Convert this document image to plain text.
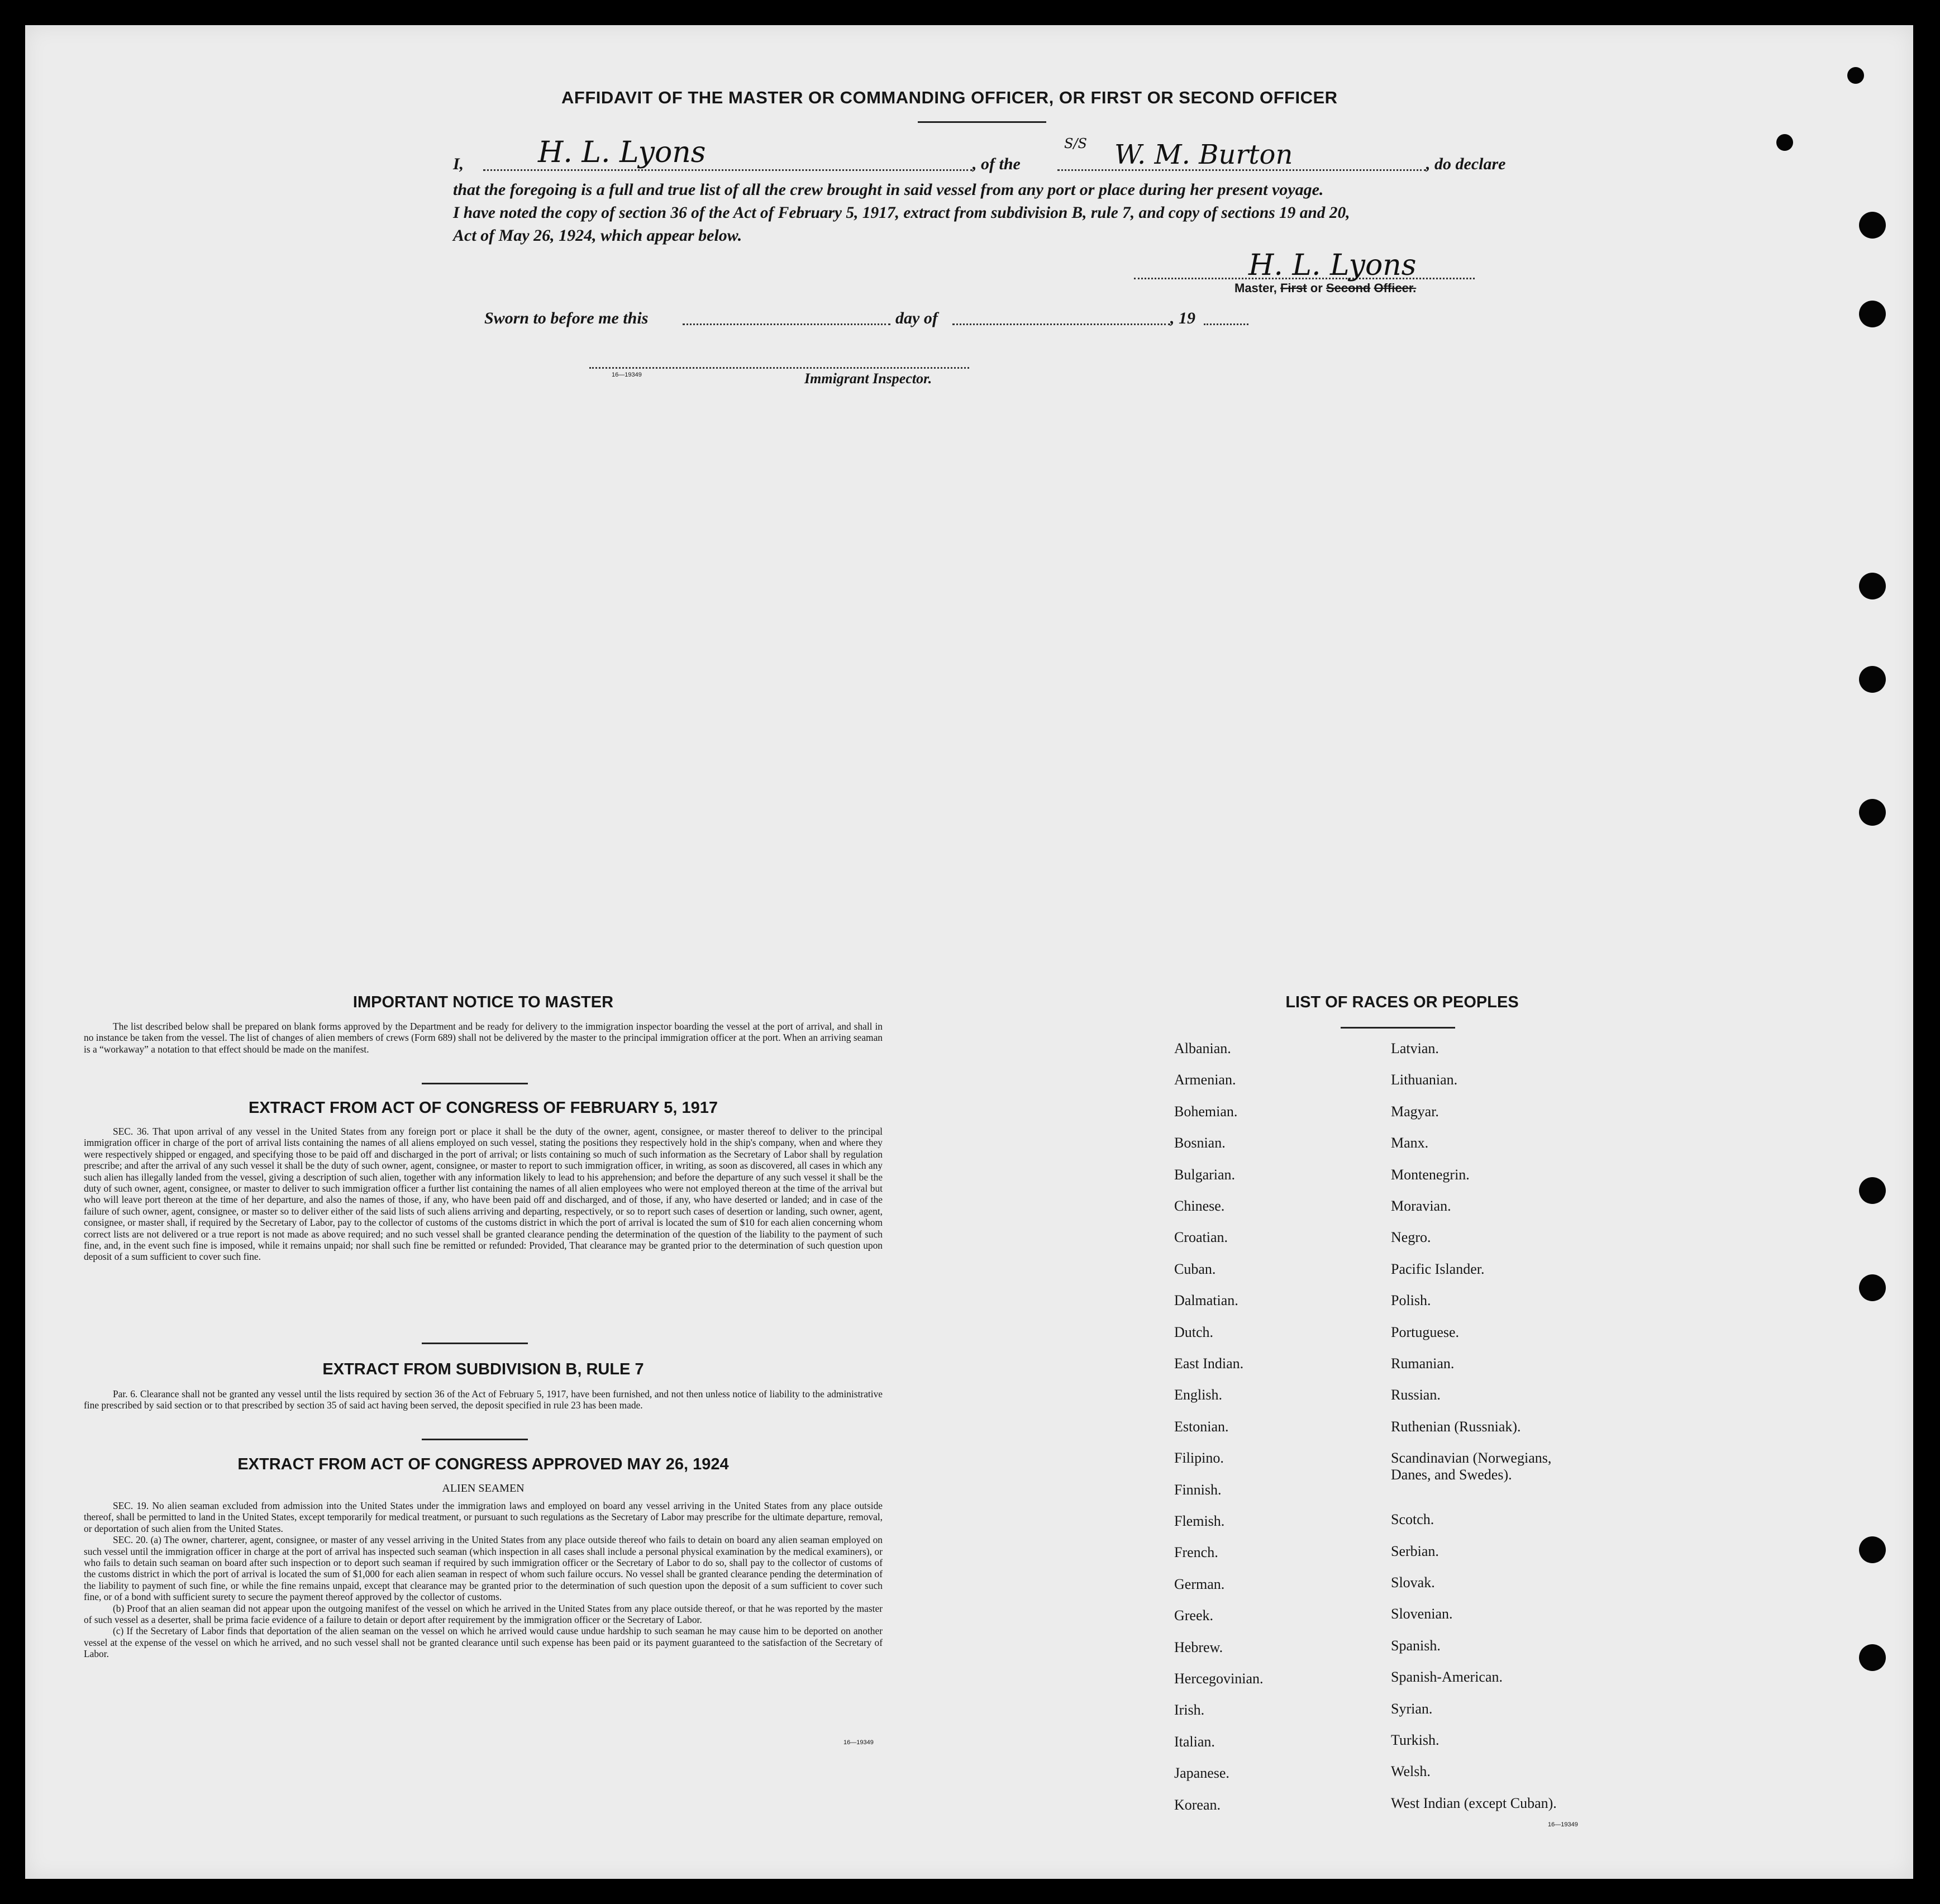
AFFIDAVIT OF THE MASTER OR COMMANDING OFFICER, OR FIRST OR SECOND OFFICER
I,	H. L. Lyons	, of the
S/S W. M. Burton	, do declare
that the foregoing is a full and true list of all the crew brought in said vessel from any port or place during her present voyage.
I have noted the copy of section 36 of the Act of February 5, 1917, extract from subdivision B, rule 7, and copy of sections 19 and 20,
Act of May 26, 1924, which appear below.
H. L. Lyons
Master, First or Second Officer.
Sworn to before me this	day of	, 19
16—19349	Immigrant Inspector.
IMPORTANT NOTICE TO MASTER
The list described below shall be prepared on blank forms approved by the Department and be ready for delivery to the immigration inspector boarding the vessel at the port of arrival, and shall in no instance be taken from the vessel. The list of changes of alien members of crews (Form 689) shall not be delivered by the master to the principal immigration officer at the port. When an arriving seaman is a “workaway” a notation to that effect should be made on the manifest.
EXTRACT FROM ACT OF CONGRESS OF FEBRUARY 5, 1917
SEC. 36. That upon arrival of any vessel in the United States from any foreign port or place it shall be the duty of the owner, agent, consignee, or master thereof to deliver to the principal immigration officer in charge of the port of arrival lists containing the names of all aliens employed on such vessel, stating the positions they respectively hold in the ship's company, when and where they were respectively shipped or engaged, and specifying those to be paid off and discharged in the port of arrival; or lists containing so much of such information as the Secretary of Labor shall by regulation prescribe; and after the arrival of any such vessel it shall be the duty of such owner, agent, consignee, or master to report to such immigration officer, in writing, as soon as discovered, all cases in which any such alien has illegally landed from the vessel, giving a description of such alien, together with any information likely to lead to his apprehension; and before the departure of any such vessel it shall be the duty of such owner, agent, consignee, or master to deliver to such immigration officer a further list containing the names of all alien employees who were not employed thereon at the time of the arrival but who will leave port thereon at the time of her departure, and also the names of those, if any, who have been paid off and discharged, and of those, if any, who have deserted or landed; and in case of the failure of such owner, agent, consignee, or master so to deliver either of the said lists of such aliens arriving and departing, respectively, or so to report such cases of desertion or landing, such owner, agent, consignee, or master shall, if required by the Secretary of Labor, pay to the collector of customs of the customs district in which the port of arrival is located the sum of $10 for each alien concerning whom correct lists are not delivered or a true report is not made as above required; and no such vessel shall be granted clearance pending the determination of the question of the liability to the payment of such fine, and, in the event such fine is imposed, while it remains unpaid; nor shall such fine be remitted or refunded: Provided, That clearance may be granted prior to the determination of such question upon deposit of a sum sufficient to cover such fine.
EXTRACT FROM SUBDIVISION B, RULE 7
Par. 6. Clearance shall not be granted any vessel until the lists required by section 36 of the Act of February 5, 1917, have been furnished, and not then unless notice of liability to the administrative fine prescribed by said section or to that prescribed by section 35 of said act having been served, the deposit specified in rule 23 has been made.
EXTRACT FROM ACT OF CONGRESS APPROVED MAY 26, 1924
ALIEN SEAMEN
SEC. 19. No alien seaman excluded from admission into the United States under the immigration laws and employed on board any vessel arriving in the United States from any place outside thereof, shall be permitted to land in the United States, except temporarily for medical treatment, or pursuant to such regulations as the Secretary of Labor may prescribe for the ultimate departure, removal, or deportation of such alien from the United States.
SEC. 20. (a) The owner, charterer, agent, consignee, or master of any vessel arriving in the United States from any place outside thereof who fails to detain on board any alien seaman employed on such vessel until the immigration officer in charge at the port of arrival has inspected such seaman (which inspection in all cases shall include a personal physical examination by the medical examiners), or who fails to detain such seaman on board after such inspection or to deport such seaman if required by such immigration officer or the Secretary of Labor to do so, shall pay to the collector of customs of the customs district in which the port of arrival is located the sum of $1,000 for each alien seaman in respect of whom such failure occurs. No vessel shall be granted clearance pending the determination of the liability to payment of such fine, or while the fine remains unpaid, except that clearance may be granted prior to the determination of such question upon the deposit of a sum sufficient to cover such fine, or of a bond with sufficient surety to secure the payment thereof approved by the collector of customs.
(b) Proof that an alien seaman did not appear upon the outgoing manifest of the vessel on which he arrived in the United States from any place outside thereof, or that he was reported by the master of such vessel as a deserter, shall be prima facie evidence of a failure to detain or deport after requirement by the immigration officer or the Secretary of Labor.
(c) If the Secretary of Labor finds that deportation of the alien seaman on the vessel on which he arrived would cause undue hardship to such seaman he may cause him to be deported on another vessel at the expense of the vessel on which he arrived, and no such vessel shall not be granted clearance until such expense has been paid or its payment guaranteed to the satisfaction of the Secretary of Labor.
16—19349
LIST OF RACES OR PEOPLES
16—19349
Albanian.
Armenian.
Bohemian.
Bosnian.
Bulgarian.
Chinese.
Croatian.
Cuban.
Dalmatian.
Dutch.
East Indian.
English.
Estonian.
Filipino.
Finnish.
Flemish.
French.
German.
Greek.
Hebrew.
Hercegovinian.
Irish.
Italian.
Japanese.
Korean.
Latvian.
Lithuanian.
Magyar.
Manx.
Montenegrin.
Moravian.
Negro.
Pacific Islander.
Polish.
Portuguese.
Rumanian.
Russian.
Ruthenian (Russniak).
Scandinavian (Norwegians,
Danes, and Swedes).
Scotch.
Serbian.
Slovak.
Slovenian.
Spanish.
Spanish-American.
Syrian.
Turkish.
Welsh.
West Indian (except Cuban).
